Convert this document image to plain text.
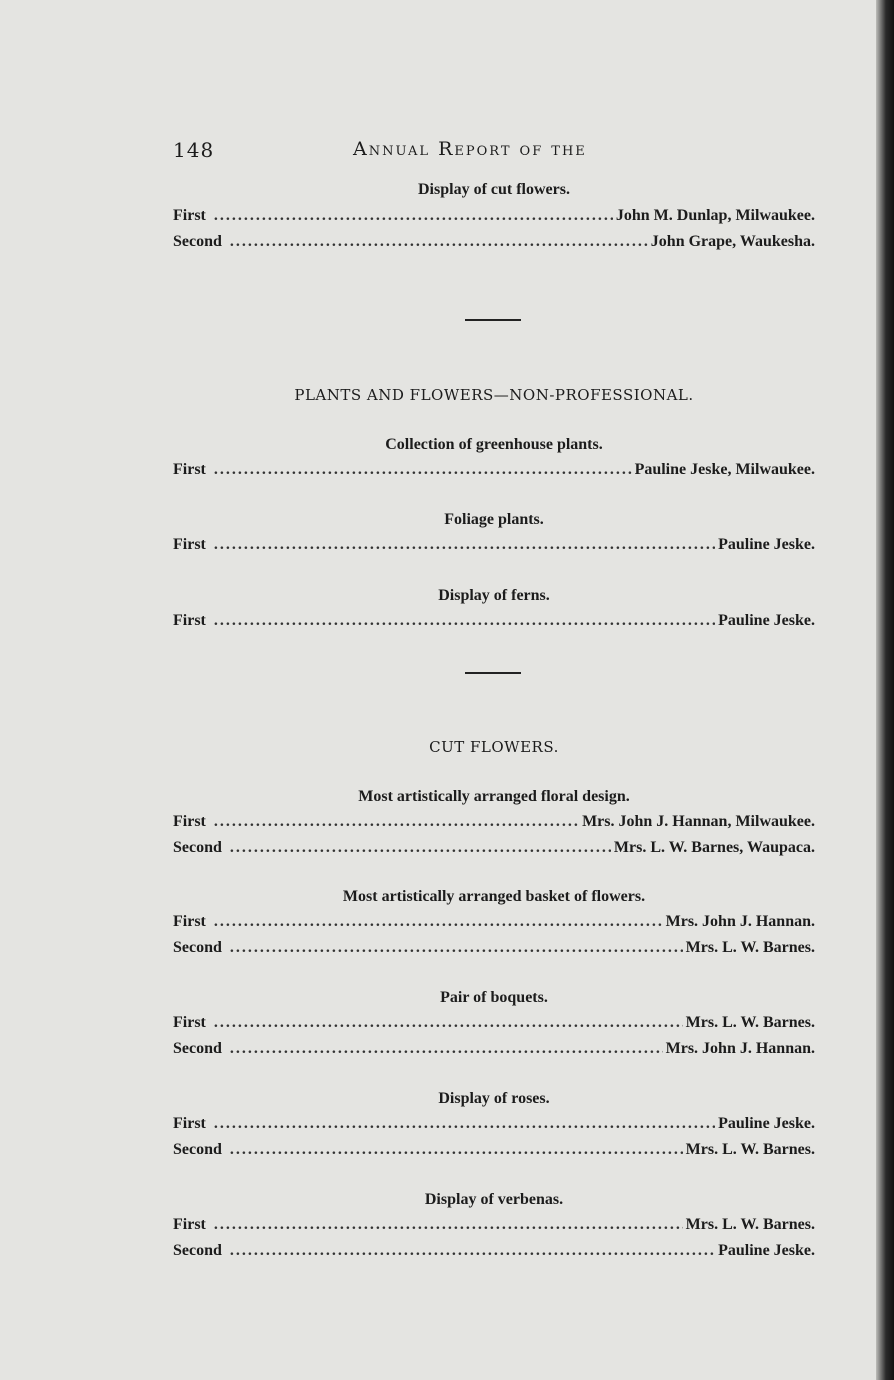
148	Annual Report of the
Display of cut flowers.
First .....	John M. Dunlap, Milwaukee.
Second .....	John Grape, Waukesha.
PLANTS AND FLOWERS—NON-PROFESSIONAL.
Collection of greenhouse plants.
First .....	Pauline Jeske, Milwaukee.
Foliage plants.
First .....	Pauline Jeske.
Display of ferns.
First .....	Pauline Jeske.
CUT FLOWERS.
Most artistically arranged floral design.
First .....	Mrs. John J. Hannan, Milwaukee.
Second .....	Mrs. L. W. Barnes, Waupaca.
Most artistically arranged basket of flowers.
First .....	Mrs. John J. Hannan.
Second .....	Mrs. L. W. Barnes.
Pair of boquets.
First .....	Mrs. L. W. Barnes.
Second .....	Mrs. John J. Hannan.
Display of roses.
First .....	Pauline Jeske.
Second .....	Mrs. L. W. Barnes.
Display of verbenas.
First .....	Mrs. L. W. Barnes.
Second .....	Pauline Jeske.
